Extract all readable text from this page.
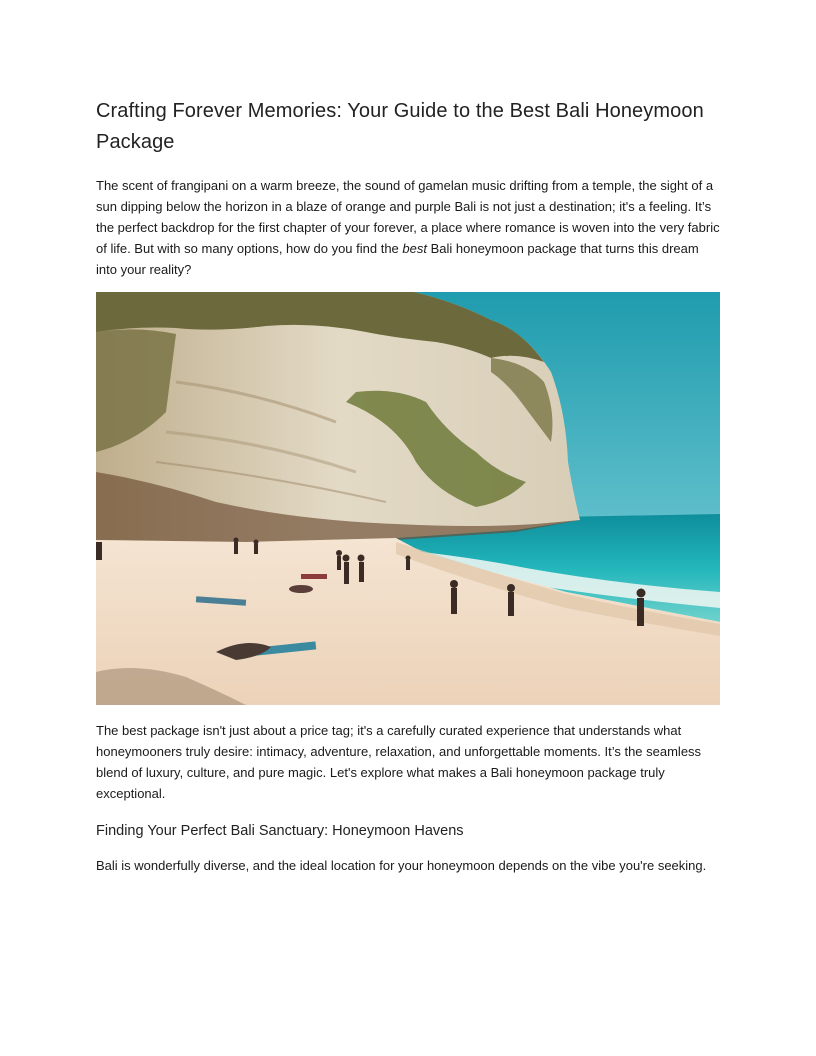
Crafting Forever Memories: Your Guide to the Best Bali Honeymoon Package

The scent of frangipani on a warm breeze, the sound of gamelan music drifting from a temple, the sight of a sun dipping below the horizon in a blaze of orange and purple Bali is not just a destination; it's a feeling. It’s the perfect backdrop for the first chapter of your forever, a place where romance is woven into the very fabric of life. But with so many options, how do you find the best Bali honeymoon package that turns this dream into your reality?

The best package isn't just about a price tag; it's a carefully curated experience that understands what honeymooners truly desire: intimacy, adventure, relaxation, and unforgettable moments. It’s the seamless blend of luxury, culture, and pure magic. Let's explore what makes a Bali honeymoon package truly exceptional.

Finding Your Perfect Bali Sanctuary: Honeymoon Havens

Bali is wonderfully diverse, and the ideal location for your honeymoon depends on the vibe you're seeking.
